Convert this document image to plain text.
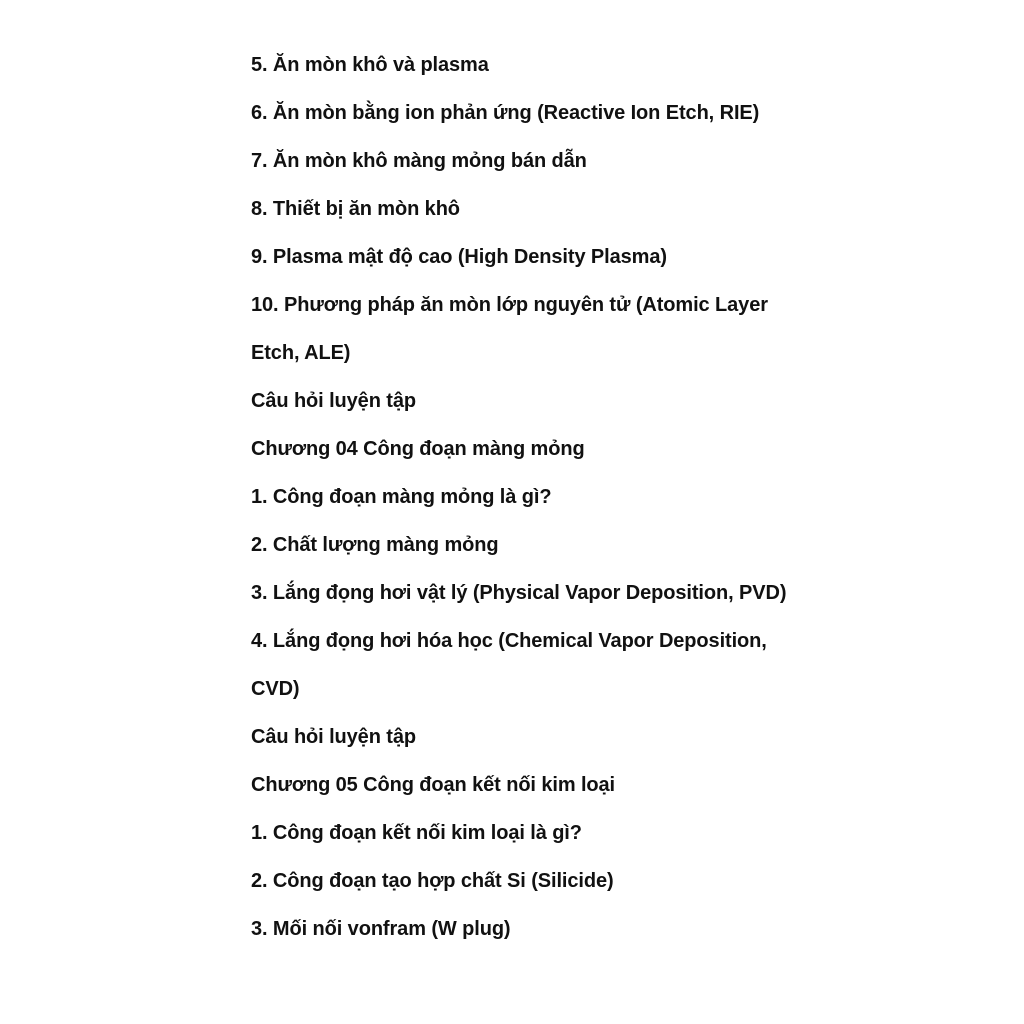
5. Ăn mòn khô và plasma
6. Ăn mòn bằng ion phản ứng (Reactive Ion Etch, RIE)
7. Ăn mòn khô màng mỏng bán dẫn
8. Thiết bị ăn mòn khô
9. Plasma mật độ cao (High Density Plasma)
10. Phương pháp ăn mòn lớp nguyên tử (Atomic Layer
Etch, ALE)
Câu hỏi luyện tập
Chương 04 Công đoạn màng mỏng
1. Công đoạn màng mỏng là gì?
2. Chất lượng màng mỏng
3. Lắng đọng hơi vật lý (Physical Vapor Deposition, PVD)
4. Lắng đọng hơi hóa học (Chemical Vapor Deposition,
CVD)
Câu hỏi luyện tập
Chương 05 Công đoạn kết nối kim loại
1. Công đoạn kết nối kim loại là gì?
2. Công đoạn tạo hợp chất Si (Silicide)
3. Mối nối vonfram (W plug)
